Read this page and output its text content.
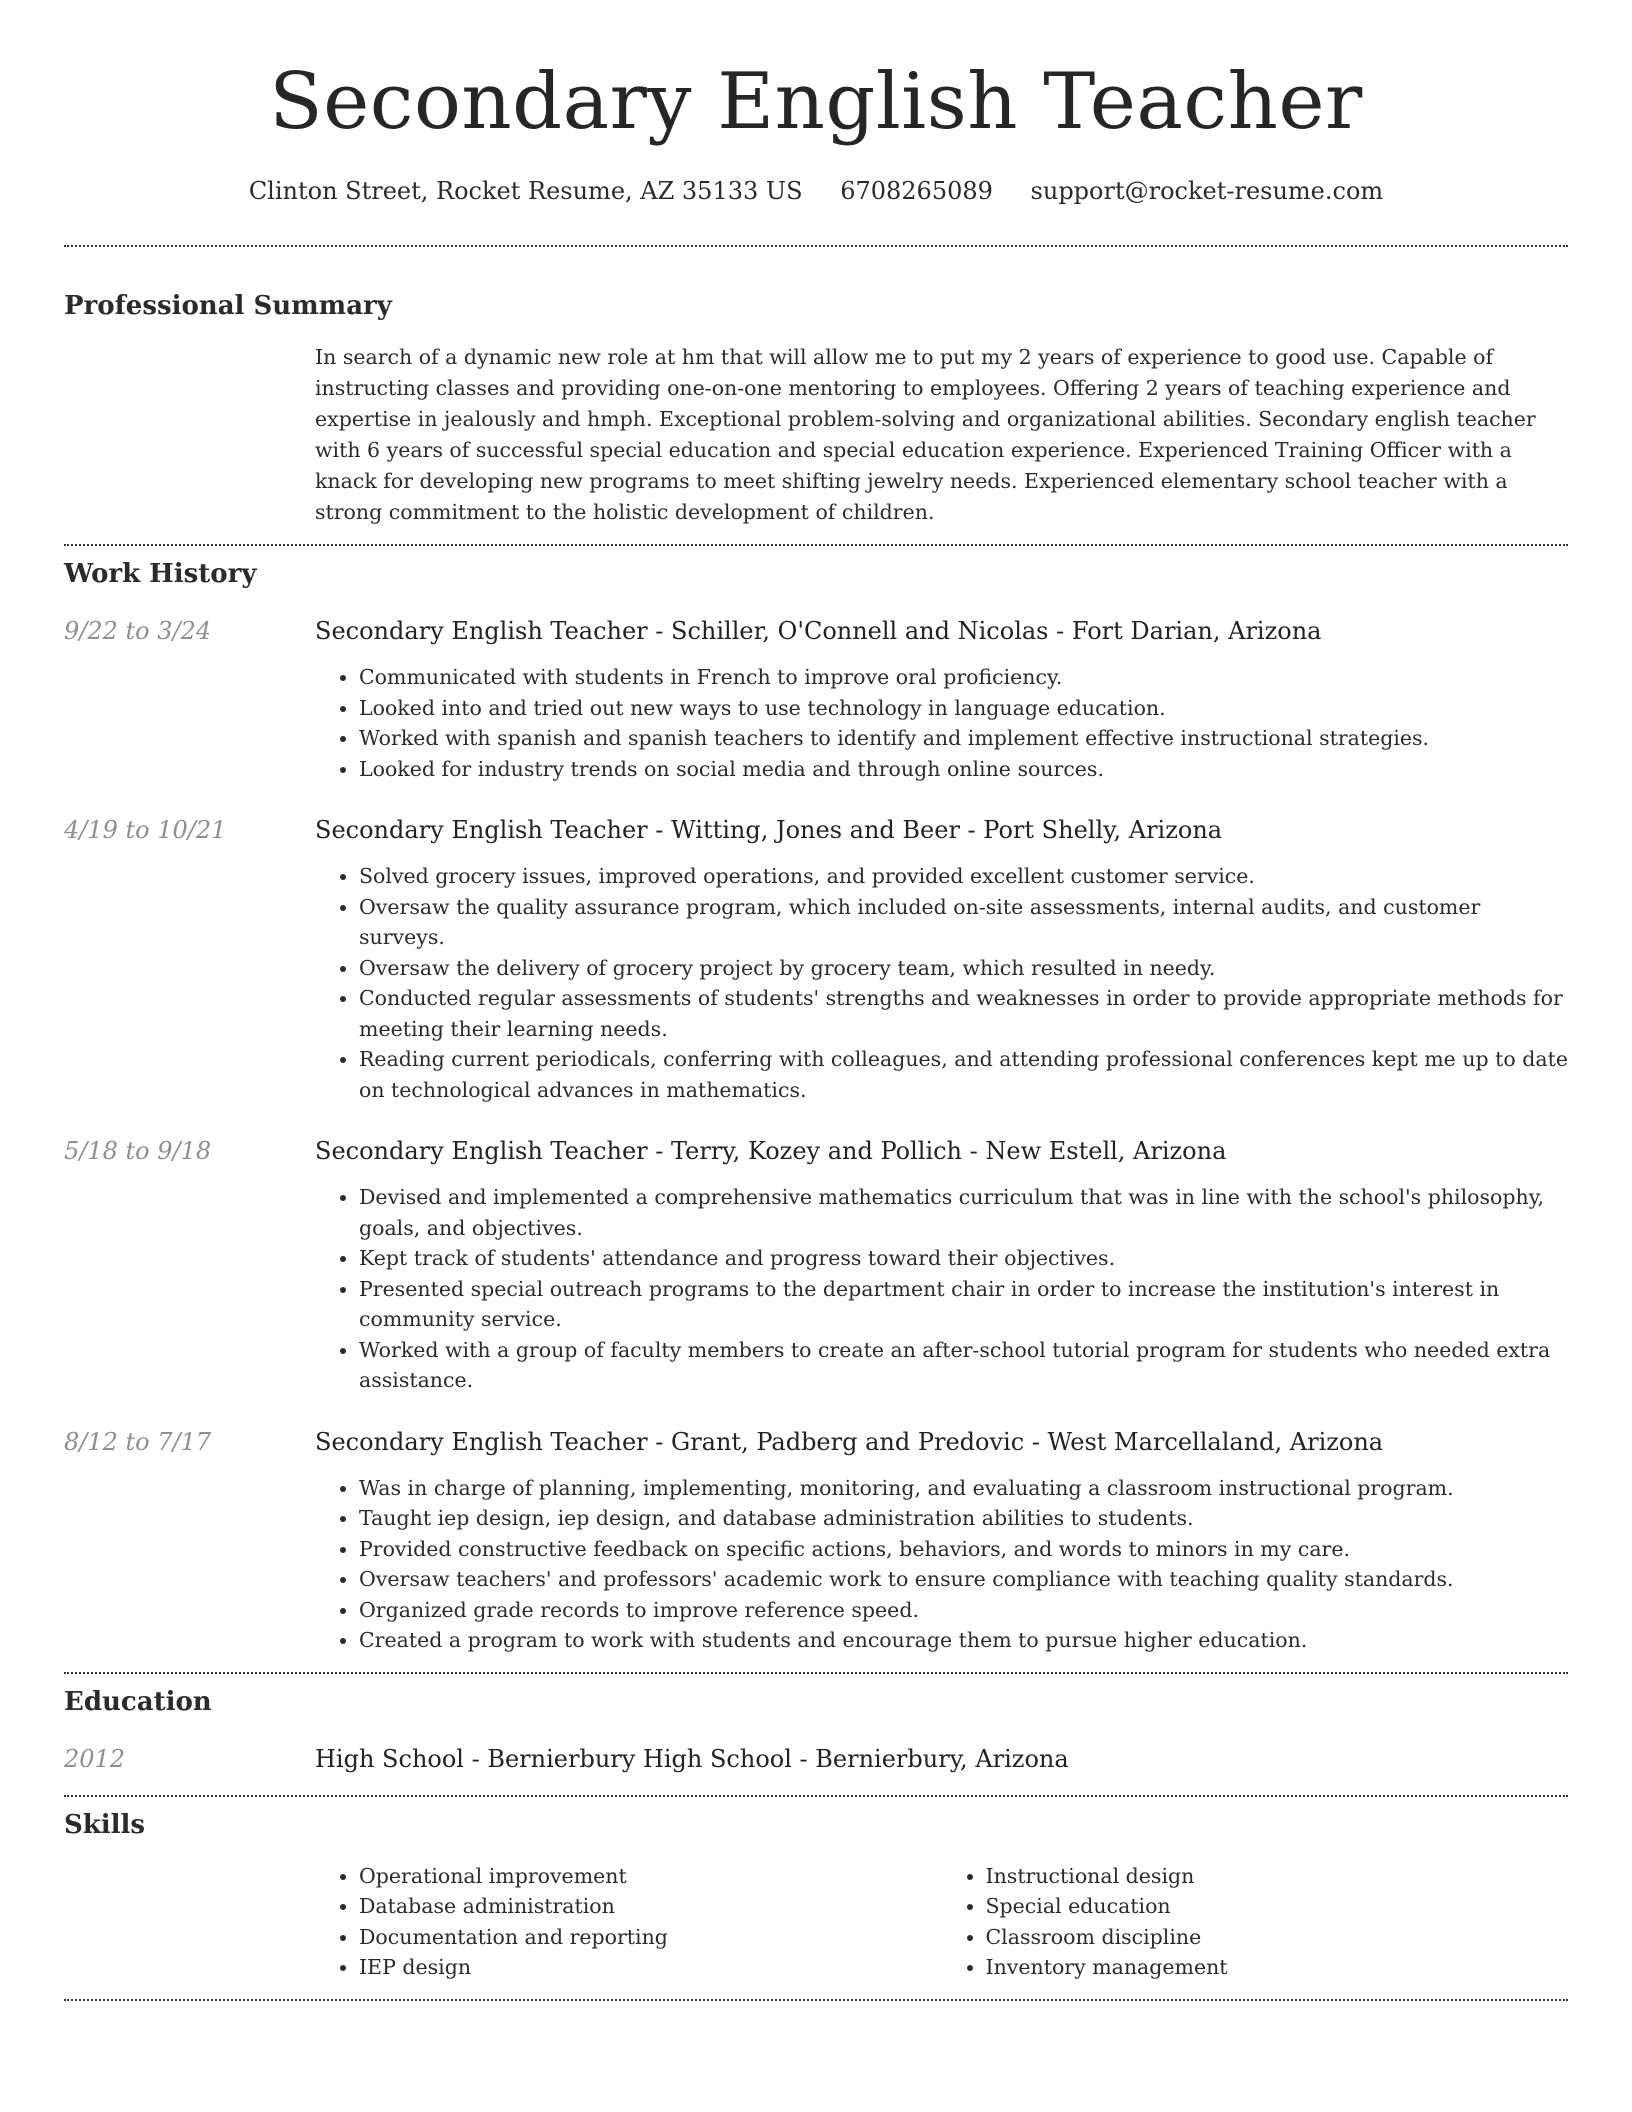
Secondary English Teacher
Clinton Street, Rocket Resume, AZ 35133 US 6708265089 support@rocket-resume.com
Professional Summary

In search of a dynamic new role at hm that will allow me to put my 2 years of experience to good use. Capable of instructing classes and providing one-on-one mentoring to employees. Offering 2 years of teaching experience and expertise in jealously and hmph. Exceptional problem-solving and organizational abilities. Secondary english teacher with 6 years of successful special education and special education experience. Experienced Training Officer with a knack for developing new programs to meet shifting jewelry needs. Experienced elementary school teacher with a strong commitment to the holistic development of children.

Work History
9/22 to 3/24	Secondary English Teacher - Schiller, O'Connell and Nicolas - Fort Darian, Arizona
• Communicated with students in French to improve oral proficiency.
• Looked into and tried out new ways to use technology in language education.
• Worked with spanish and spanish teachers to identify and implement effective instructional strategies.
• Looked for industry trends on social media and through online sources.
4/19 to 10/21	Secondary English Teacher - Witting, Jones and Beer - Port Shelly, Arizona
• Solved grocery issues, improved operations, and provided excellent customer service.
• Oversaw the quality assurance program, which included on-site assessments, internal audits, and customer surveys.
• Oversaw the delivery of grocery project by grocery team, which resulted in needy.
• Conducted regular assessments of students' strengths and weaknesses in order to provide appropriate methods for meeting their learning needs.
• Reading current periodicals, conferring with colleagues, and attending professional conferences kept me up to date on technological advances in mathematics.
5/18 to 9/18	Secondary English Teacher - Terry, Kozey and Pollich - New Estell, Arizona
• Devised and implemented a comprehensive mathematics curriculum that was in line with the school's philosophy, goals, and objectives.
• Kept track of students' attendance and progress toward their objectives.
• Presented special outreach programs to the department chair in order to increase the institution's interest in community service.
• Worked with a group of faculty members to create an after-school tutorial program for students who needed extra assistance.
8/12 to 7/17	Secondary English Teacher - Grant, Padberg and Predovic - West Marcellaland, Arizona
• Was in charge of planning, implementing, monitoring, and evaluating a classroom instructional program.
• Taught iep design, iep design, and database administration abilities to students.
• Provided constructive feedback on specific actions, behaviors, and words to minors in my care.
• Oversaw teachers' and professors' academic work to ensure compliance with teaching quality standards.
• Organized grade records to improve reference speed.
• Created a program to work with students and encourage them to pursue higher education.
Education
2012	High School - Bernierbury High School - Bernierbury, Arizona
Skills
• Operational improvement
• Database administration
• Documentation and reporting
• IEP design
• Instructional design
• Special education
• Classroom discipline
• Inventory management
